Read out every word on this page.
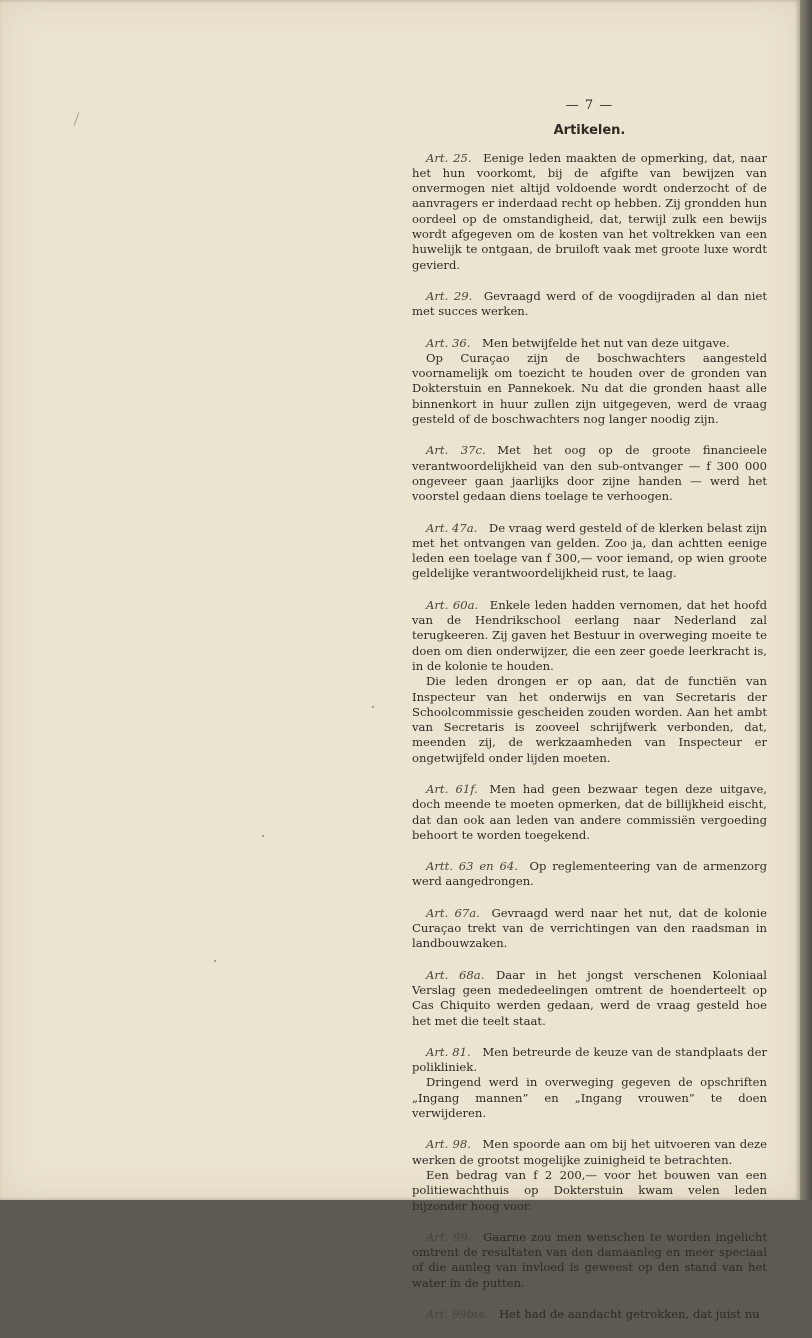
— 7 —
Artikelen.

Art. 25.  Eenige leden maakten de opmerking, dat, naar het hun voorkomt, bij de afgifte van bewijzen van onvermogen niet altijd voldoende wordt onderzocht of de aanvragers er inderdaad recht op hebben. Zij grondden hun oordeel op de omstandigheid, dat, terwijl zulk een bewijs wordt afgegeven om de kosten van het voltrekken van een huwelijk te ontgaan, de bruiloft vaak met groote luxe wordt gevierd.

Art. 29.  Gevraagd werd of de voogdijraden al dan niet met succes werken.

Art. 36.  Men betwijfelde het nut van deze uitgave.

Op Curaçao zijn de boschwachters aangesteld voornamelijk om toezicht te houden over de gronden van Dokterstuin en Pannekoek. Nu dat die gronden haast alle binnenkort in huur zullen zijn uitgegeven, werd de vraag gesteld of de boschwachters nog langer noodig zijn.

Art. 37c.  Met het oog op de groote financieele verantwoordelijkheid van den sub-ontvanger — f 300 000 ongeveer gaan jaarlijks door zijne handen — werd het voorstel gedaan diens toelage te verhoogen.

Art. 47a.  De vraag werd gesteld of de klerken belast zijn met het ontvangen van gelden. Zoo ja, dan achtten eenige leden een toelage van f 300,— voor iemand, op wien groote geldelijke verantwoordelijkheid rust, te laag.

Art. 60a.  Enkele leden hadden vernomen, dat het hoofd van de Hendrikschool eerlang naar Nederland zal terugkeeren. Zij gaven het Bestuur in overweging moeite te doen om dien onderwijzer, die een zeer goede leerkracht is, in de kolonie te houden.

Die leden drongen er op aan, dat de functiën van Inspecteur van het onderwijs en van Secretaris der Schoolcommissie gescheiden zouden worden. Aan het ambt van Secretaris is zooveel schrijfwerk verbonden, dat, meenden zij, de werkzaamheden van Inspecteur er ongetwijfeld onder lijden moeten.

Art. 61f.  Men had geen bezwaar tegen deze uitgave, doch meende te moeten opmerken, dat de billijkheid eischt, dat dan ook aan leden van andere commissiën vergoeding behoort te worden toegekend.

Artt. 63 en 64.  Op reglementeering van de armenzorg werd aangedrongen.

Art. 67a.  Gevraagd werd naar het nut, dat de kolonie Curaçao trekt van de verrichtingen van den raadsman in landbouwzaken.

Art. 68a.  Daar in het jongst verschenen Koloniaal Verslag geen mededeelingen omtrent de hoenderteelt op Cas Chiquito werden gedaan, werd de vraag gesteld hoe het met die teelt staat.

Art. 81.  Men betreurde de keuze van de standplaats der polikliniek.

Dringend werd in overweging gegeven de opschriften „Ingang mannen” en „Ingang vrouwen” te doen verwijderen.

Art. 98.  Men spoorde aan om bij het uitvoeren van deze werken de grootst mogelijke zuinigheid te betrachten.

Een bedrag van f 2 200,— voor het bouwen van een politiewachthuis op Dokterstuin kwam velen leden bijzonder hoog voor.

Art. 99.  Gaarne zou men wenschen te worden ingelicht omtrent de resultaten van den damaanleg en meer speciaal of die aanleg van invloed is geweest op den stand van het water in de putten.

Art. 99bis.  Het had de aandacht getrokken, dat juist nu
